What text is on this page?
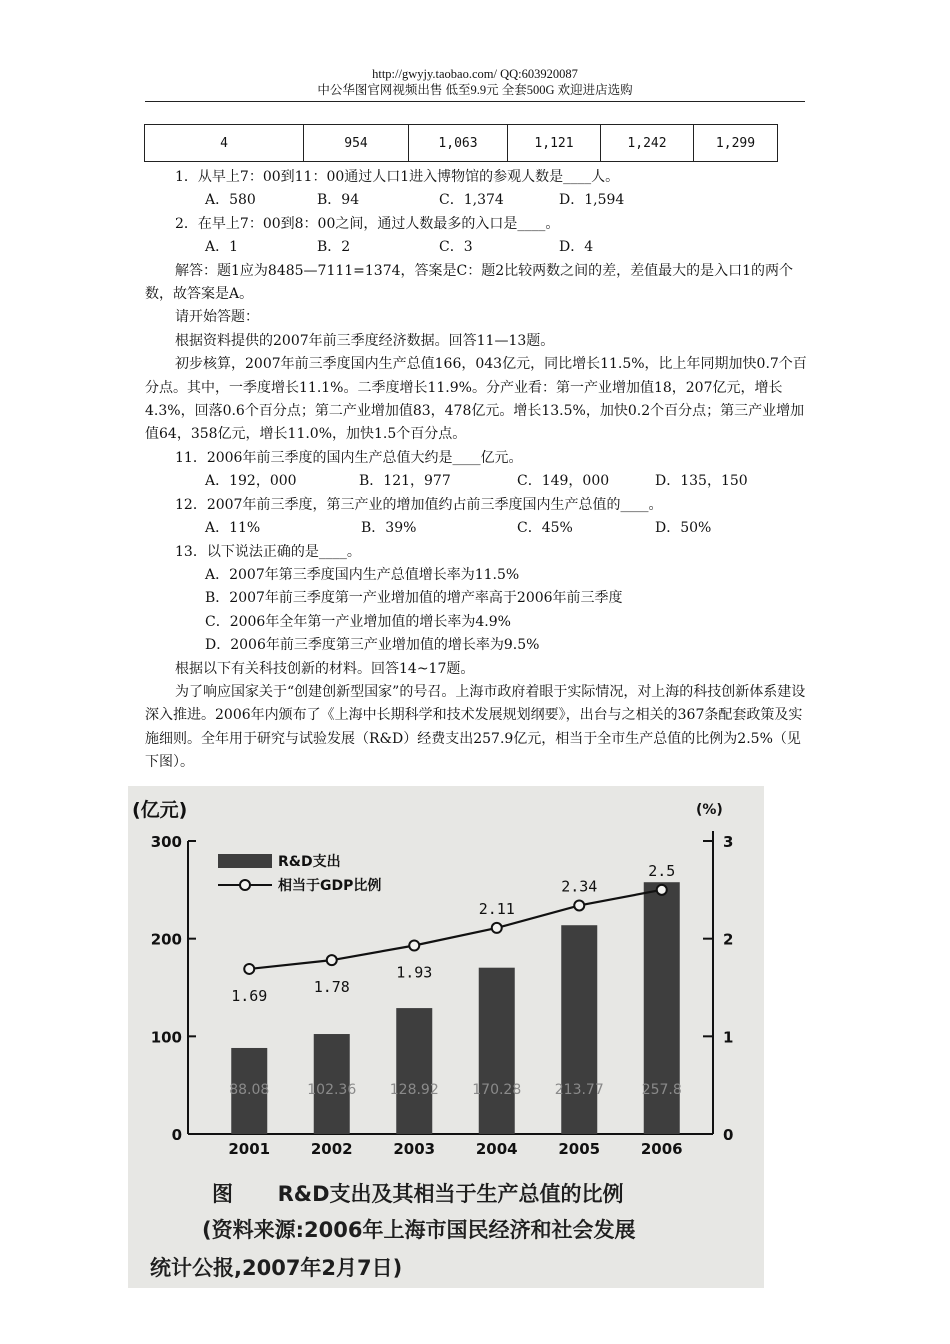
http://gwyjy.taobao.com/ QQ:603920087
中公华图官网视频出售 低至9.9元 全套500G 欢迎进店选购
4	954	1,063	1,121	1,242	1,299

1．从早上7：00到11：00通过人口1进入博物馆的参观人数是____人。

A．580	B．94	C．1,374	D．1,594

2．在早上7：00到8：00之间，通过人数最多的入口是____。

A．1	B．2	C．3	D．4

解答：题1应为8485—7111=1374，答案是C：题2比较两数之间的差，差值最大的是入口1的两个数，故答案是A。

请开始答题：

根据资料提供的2007年前三季度经济数据。回答11—13题。

初步核算，2007年前三季度国内生产总值166，043亿元，同比增长11.5%，比上年同期加快0.7个百分点。其中，一季度增长11.1%。二季度增长11.9%。分产业看：第一产业增加值18，207亿元，增长4.3%，回落0.6个百分点；第二产业增加值83，478亿元。增长13.5%，加快0.2个百分点；第三产业增加值64，358亿元，增长11.0%，加快1.5个百分点。

11．2006年前三季度的国内生产总值大约是____亿元。

A．192，000	B．121，977	C．149，000	D．135，150

12．2007年前三季度，第三产业的增加值约占前三季度国内生产总值的____。

A．11%	B．39%	C．45%	D．50%

13．以下说法正确的是____。

A．2007年第三季度国内生产总值增长率为11.5%
B．2007年前三季度第一产业增加值的增产率高于2006年前三季度
C．2006年全年第一产业增加值的增长率为4.9%
D．2006年前三季度第三产业增加值的增长率为9.5%

根据以下有关科技创新的材料。回答14~17题。

为了响应国家关于“创建创新型国家”的号召。上海市政府着眼于实际情况，对上海的科技创新体系建设深入推进。2006年内颁布了《上海中长期科学和技术发展规划纲要》，出台与之相关的367条配套政策及实施细则。全年用于研究与试验发展（R&D）经费支出257.9亿元，相当于全市生产总值的比例为2.5%（见下图）。

(亿元)	(%)
0
100
200
300
0
1
2
3
88.08
2001
102.36
2002
128.92
2003
170.28
2004
213.77
2005
257.8
2006
1.69	1.78
1.93
2.11
2.34
2.5
R&D支出
相当于GDP比例
图 R&D支出及其相当于生产总值的比例
(资料来源:2006年上海市国民经济和社会发展
统计公报,2007年2月7日)
